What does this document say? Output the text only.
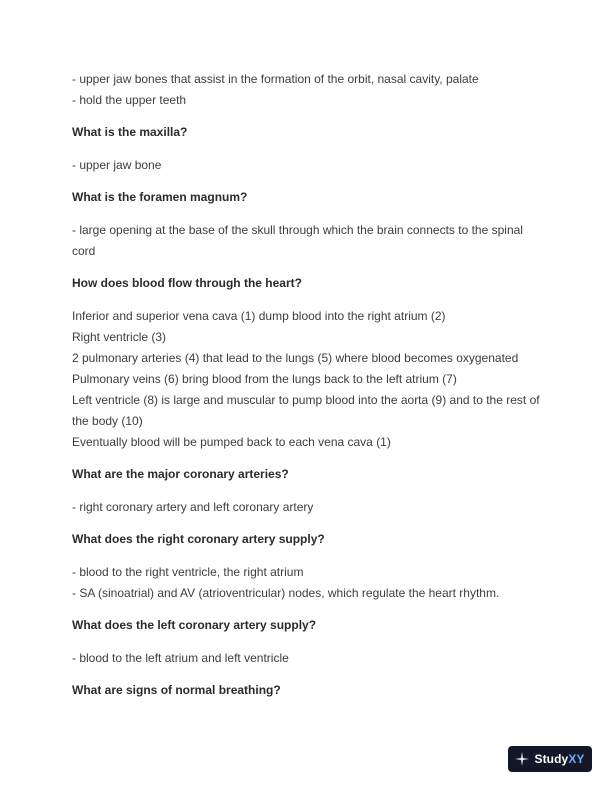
- upper jaw bones that assist in the formation of the orbit, nasal cavity, palate

- hold the upper teeth

What is the maxilla?

- upper jaw bone

What is the foramen magnum?

- large opening at the base of the skull through which the brain connects to the spinal cord

How does blood flow through the heart?

Inferior and superior vena cava (1) dump blood into the right atrium (2)

Right ventricle (3)

2 pulmonary arteries (4) that lead to the lungs (5) where blood becomes oxygenated

Pulmonary veins (6) bring blood from the lungs back to the left atrium (7)

Left ventricle (8) is large and muscular to pump blood into the aorta (9) and to the rest of the body (10)

Eventually blood will be pumped back to each vena cava (1)

What are the major coronary arteries?

- right coronary artery and left coronary artery

What does the right coronary artery supply?

- blood to the right ventricle, the right atrium

- SA (sinoatrial) and AV (atrioventricular) nodes, which regulate the heart rhythm.

What does the left coronary artery supply?

- blood to the left atrium and left ventricle

What are signs of normal breathing?

StudyXY
